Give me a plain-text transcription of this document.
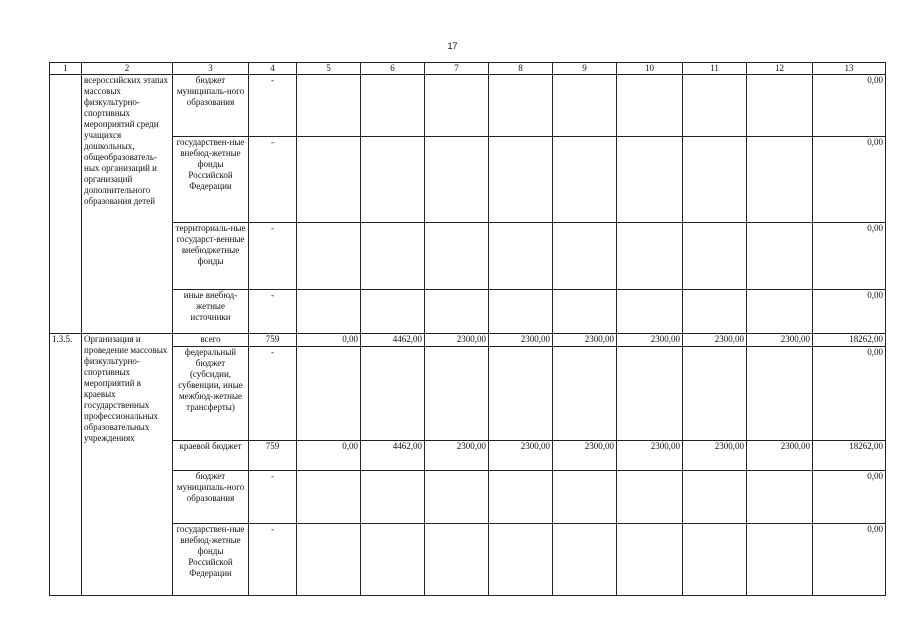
17
1	2	3	4	5	6	7	8	9	10	11	12	13
	всероссийских этапах массовых физкультурно-спортивных мероприятий среди учащихся дошкольных, общеобразователь-ных организаций и организаций дополнительного образования детей	бюджет муниципаль-ного образования	-									0,00
		государствен-ные внебюд-жетные фонды Российской Федерации	-									0,00
		территориаль-ные государст-венные внебюджетные фонды	-									0,00
		иные внебюд-жетные источники	-									0,00
1.3.5.	Организация и проведение массовых физкультурно-спортивных мероприятий в краевых государственных профессиональных образовательных учреждениях	всего	759	0,00	4462,00	2300,00	2300,00	2300,00	2300,00	2300,00	2300,00	18262,00
		федеральный бюджет (субсидии, субвенции, иные межбюд-жетные трансферты)	-									0,00
		краевой бюджет	759	0,00	4462,00	2300,00	2300,00	2300,00	2300,00	2300,00	2300,00	18262,00
		бюджет муниципаль-ного образования	-									0,00
		государствен-ные внебюд-жетные фонды Российской Федерации	-									0,00
